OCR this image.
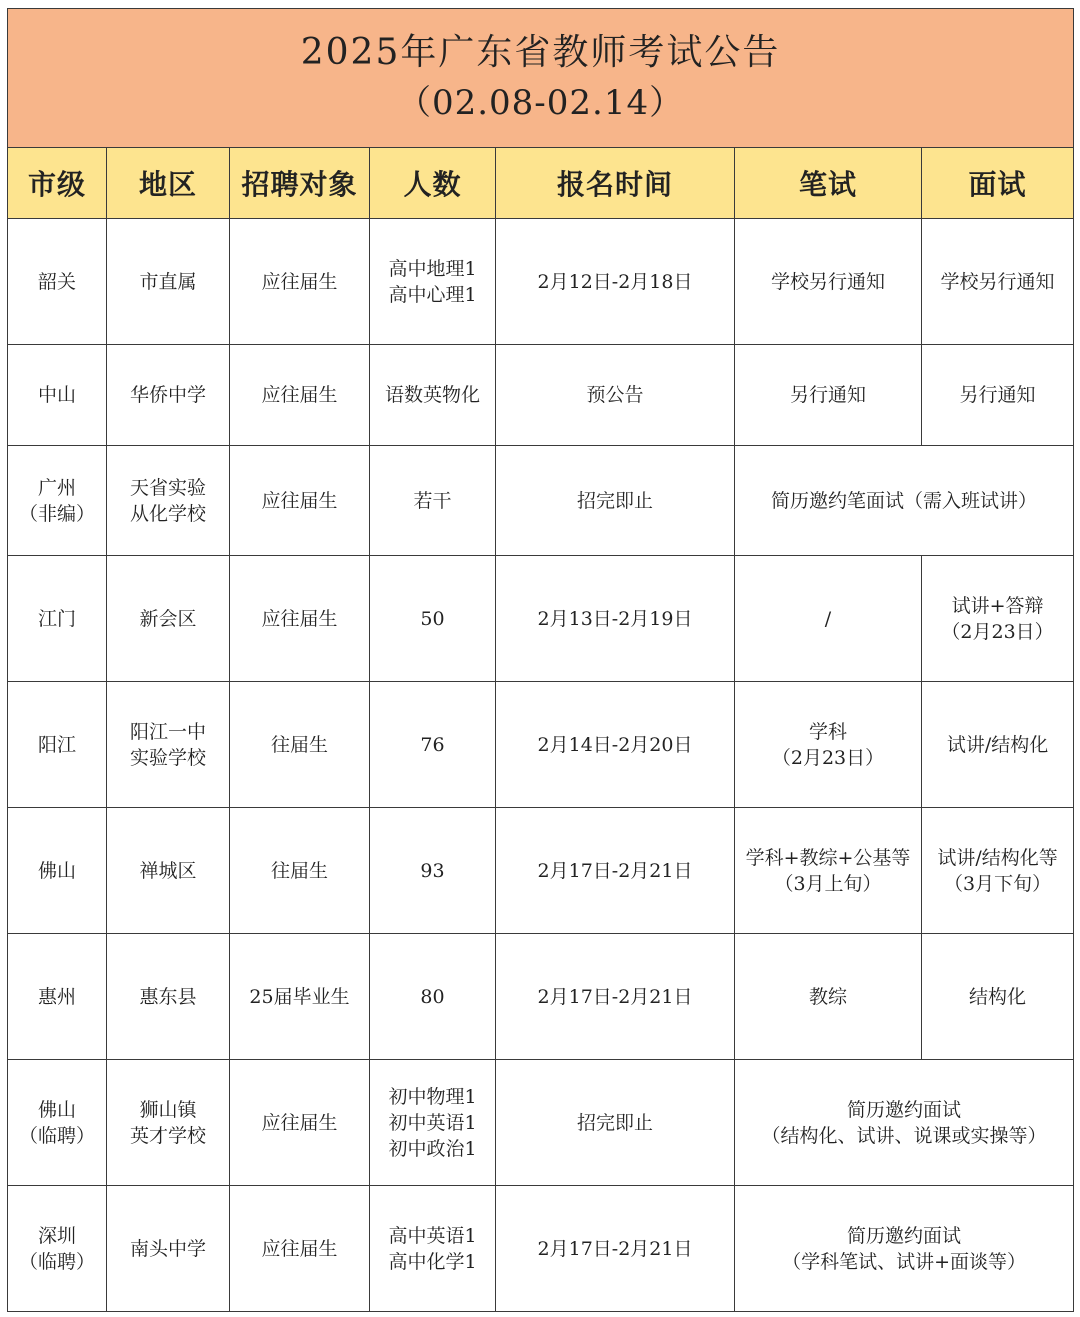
2025年广东省教师考试公告
（02.08-02.14）						

市级	地区	招聘对象	人数	报名时间	笔试	面试

韶关	市直属	应往届生	高中地理1
高中心理1	2月12日-2月18日	学校另行通知	学校另行通知

中山	华侨中学	应往届生	语数英物化	预公告	另行通知	另行通知

广州
（非编）	天省实验
从化学校	应往届生	若干	招完即止	简历邀约笔面试（需入班试讲）	

江门	新会区	应往届生	50	2月13日-2月19日	/	试讲+答辩
（2月23日）

阳江	阳江一中
实验学校	往届生	76	2月14日-2月20日	学科
（2月23日）	试讲/结构化

佛山	禅城区	往届生	93	2月17日-2月21日	学科+教综+公基等
（3月上旬）	试讲/结构化等
（3月下旬）

惠州	惠东县	25届毕业生	80	2月17日-2月21日	教综	结构化

佛山
（临聘）	狮山镇
英才学校	应往届生	初中物理1
初中英语1
初中政治1	招完即止	简历邀约面试
（结构化、试讲、说课或实操等）	

深圳
（临聘）	南头中学	应往届生	高中英语1
高中化学1	2月17日-2月21日	简历邀约面试
（学科笔试、试讲+面谈等）	
